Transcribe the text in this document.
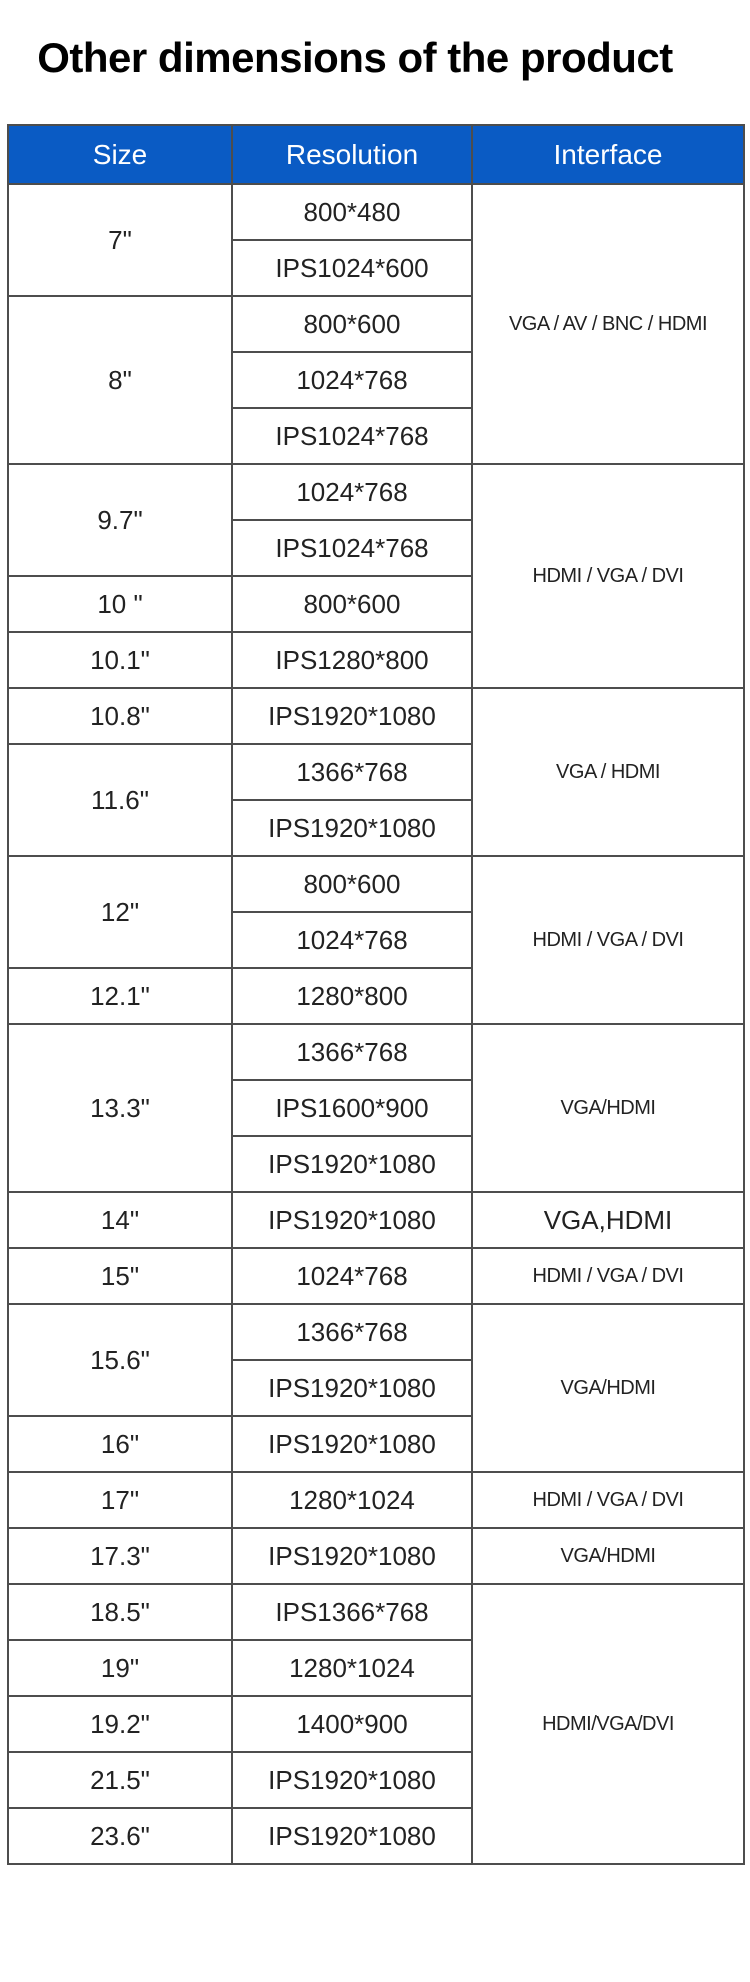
Other dimensions of the product
Size	Resolution	Interface
7"	800*480	VGA / AV / BNC / HDMI
	IPS1024*600	
8"	800*600	
	1024*768	
	IPS1024*768	
9.7"	1024*768	HDMI / VGA / DVI
	IPS1024*768	
10 "	800*600	
10.1"	IPS1280*800	
10.8"	IPS1920*1080	VGA / HDMI
11.6"	1366*768	
	IPS1920*1080	
12"	800*600	HDMI / VGA / DVI
	1024*768	
12.1"	1280*800	
13.3"	1366*768	VGA/HDMI
	IPS1600*900	
	IPS1920*1080	
14"	IPS1920*1080	VGA,HDMI
15"	1024*768	HDMI / VGA / DVI
15.6"	1366*768	VGA/HDMI
	IPS1920*1080	
16"	IPS1920*1080	
17"	1280*1024	HDMI / VGA / DVI
17.3"	IPS1920*1080	VGA/HDMI
18.5"	IPS1366*768	HDMI/VGA/DVI
19"	1280*1024	
19.2"	1400*900	
21.5"	IPS1920*1080	
23.6"	IPS1920*1080	
